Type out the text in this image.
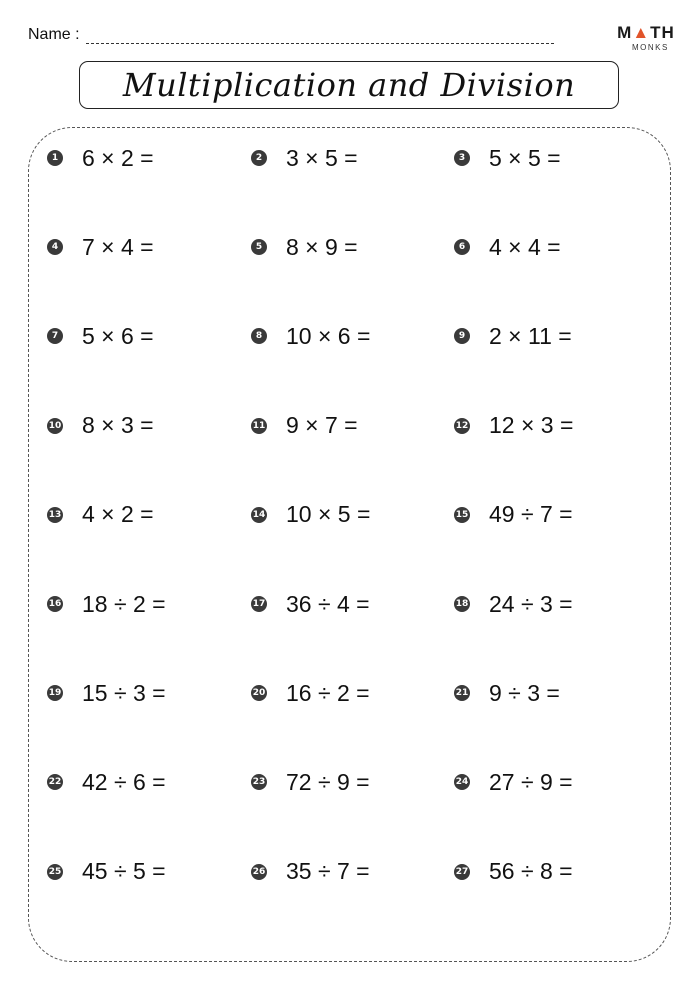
Name :	M▲TH
MONKS
Multiplication and Division
1 6 × 2 =	2 3 × 5 =	3 5 × 5 =
4 7 × 4 =	5 8 × 9 =	6 4 × 4 =
7 5 × 6 =	8 10 × 6 =	9 2 × 11 =
10 8 × 3 =	11 9 × 7 =	12 12 × 3 =
13 4 × 2 =	14 10 × 5 =	15 49 ÷ 7 =
16 18 ÷ 2 =	17 36 ÷ 4 =	18 24 ÷ 3 =
19 15 ÷ 3 =	20 16 ÷ 2 =	21 9 ÷ 3 =
22 42 ÷ 6 =	23 72 ÷ 9 =	24 27 ÷ 9 =
25 45 ÷ 5 =	26 35 ÷ 7 =	27 56 ÷ 8 =
